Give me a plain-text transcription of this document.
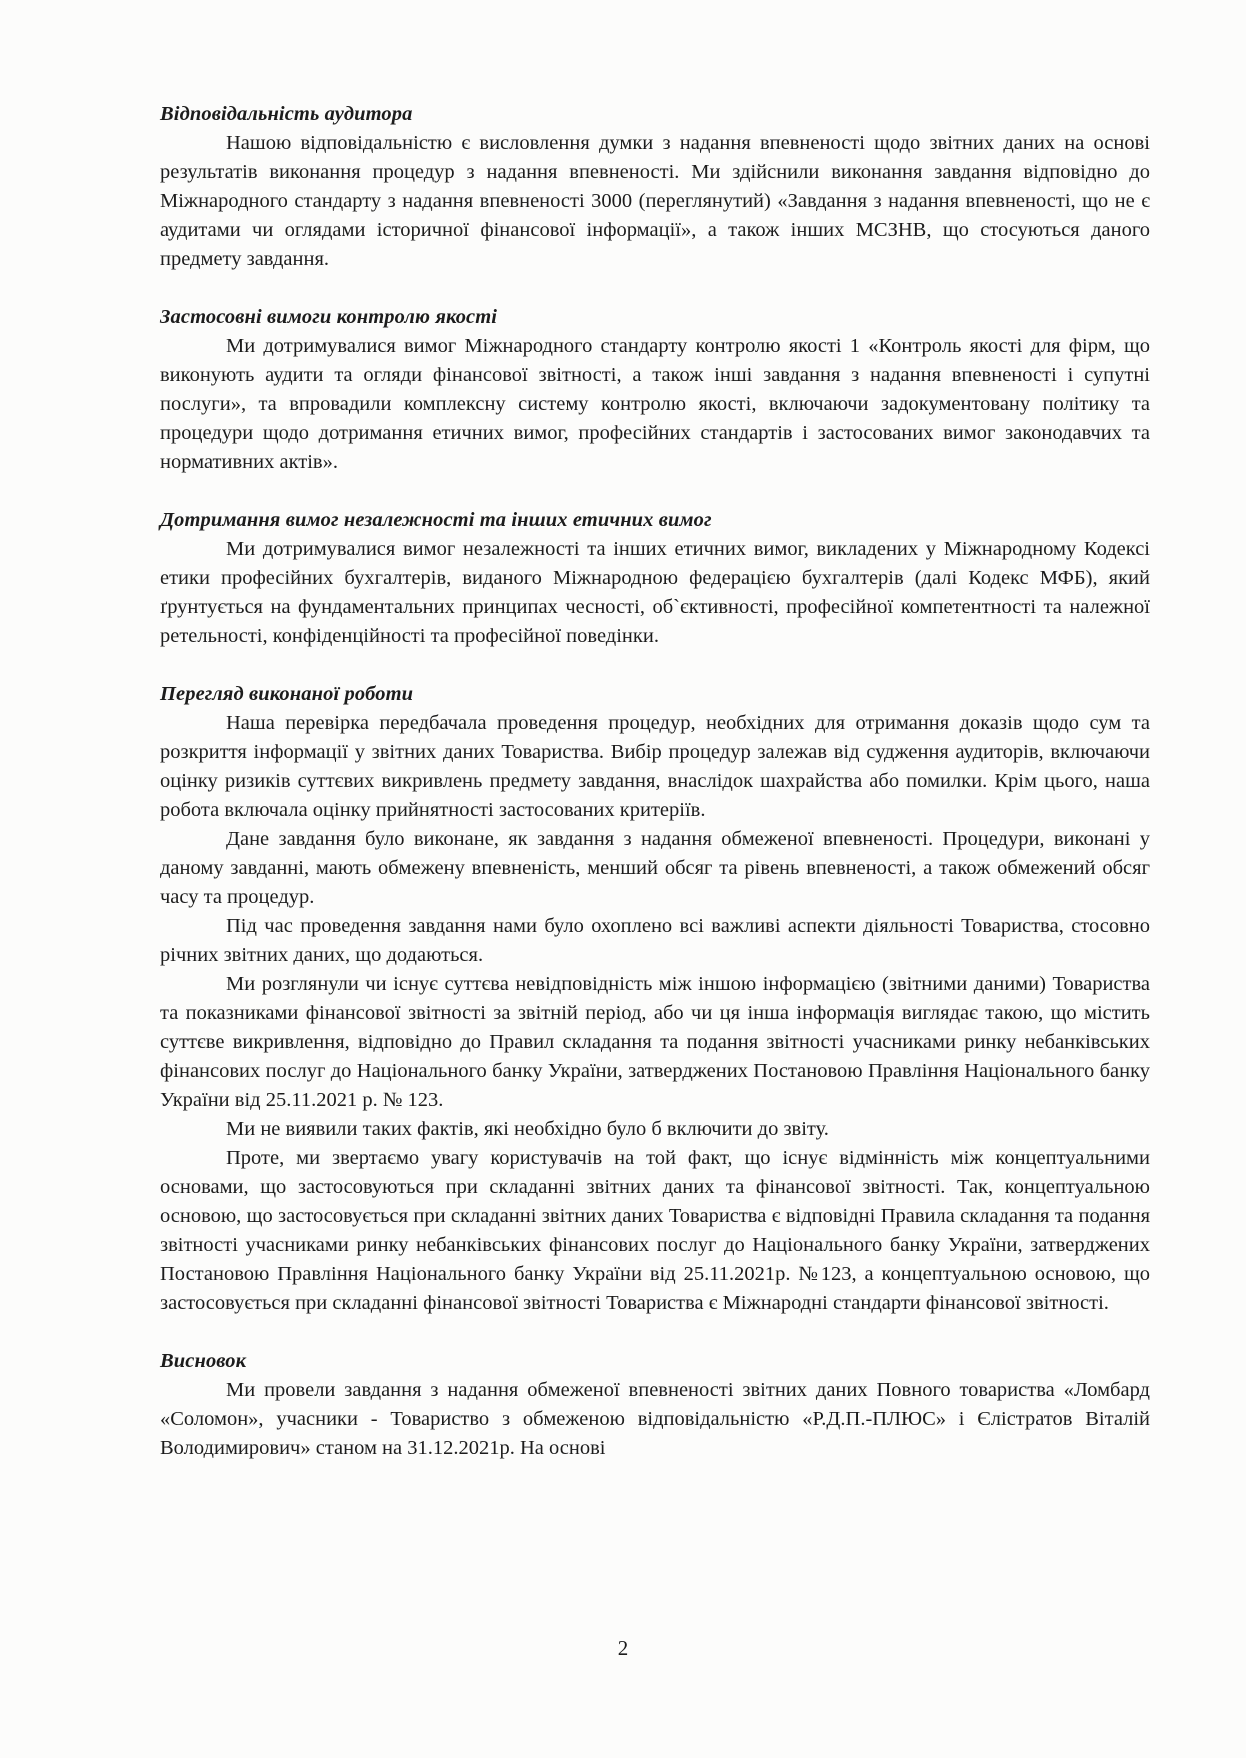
Відповідальність аудитора

Нашою відповідальністю є висловлення думки з надання впевненості щодо звітних даних на основі результатів виконання процедур з надання впевненості. Ми здійснили виконання завдання відповідно до Міжнародного стандарту з надання впевненості 3000 (переглянутий) «Завдання з надання впевненості, що не є аудитами чи оглядами історичної фінансової інформації», а також інших МСЗНВ, що стосуються даного предмету завдання.

Застосовні вимоги контролю якості

Ми дотримувалися вимог Міжнародного стандарту контролю якості 1 «Контроль якості для фірм, що виконують аудити та огляди фінансової звітності, а також інші завдання з надання впевненості і супутні послуги», та впровадили комплексну систему контролю якості, включаючи задокументовану політику та процедури щодо дотримання етичних вимог, професійних стандартів і застосованих вимог законодавчих та нормативних актів».

Дотримання вимог незалежності та інших етичних вимог

Ми дотримувалися вимог незалежності та інших етичних вимог, викладених у Міжнародному Кодексі етики професійних бухгалтерів, виданого Міжнародною федерацією бухгалтерів (далі Кодекс МФБ), який ґрунтується на фундаментальних принципах чесності, об`єктивності, професійної компетентності та належної ретельності, конфіденційності та професійної поведінки.

Перегляд виконаної роботи

Наша перевірка передбачала проведення процедур, необхідних для отримання доказів щодо сум та розкриття інформації у звітних даних Товариства. Вибір процедур залежав від судження аудиторів, включаючи оцінку ризиків суттєвих викривлень предмету завдання, внаслідок шахрайства або помилки. Крім цього, наша робота включала оцінку прийнятності застосованих критеріїв.

Дане завдання було виконане, як завдання з надання обмеженої впевненості. Процедури, виконані у даному завданні, мають обмежену впевненість, менший обсяг та рівень впевненості, а також обмежений обсяг часу та процедур.

Під час проведення завдання нами було охоплено всі важливі аспекти діяльності Товариства, стосовно річних звітних даних, що додаються.

Ми розглянули чи існує суттєва невідповідність між іншою інформацією (звітними даними) Товариства та показниками фінансової звітності за звітній період, або чи ця інша інформація виглядає такою, що містить суттєве викривлення, відповідно до Правил складання та подання звітності учасниками ринку небанківських фінансових послуг до Національного банку України, затверджених Постановою Правління Національного банку України від 25.11.2021 р. № 123.

Ми не виявили таких фактів, які необхідно було б включити до звіту.

Проте, ми звертаємо увагу користувачів на той факт, що існує відмінність між концептуальними основами, що застосовуються при складанні звітних даних та фінансової звітності. Так, концептуальною основою, що застосовується при складанні звітних даних Товариства є відповідні Правила складання та подання звітності учасниками ринку небанківських фінансових послуг до Національного банку України, затверджених Постановою Правління Національного банку України від 25.11.2021р. №123, а концептуальною основою, що застосовується при складанні фінансової звітності Товариства є Міжнародні стандарти фінансової звітності.

Висновок

Ми провели завдання з надання обмеженої впевненості звітних даних Повного товариства «Ломбард «Соломон», учасники - Товариство з обмеженою відповідальністю «Р.Д.П.-ПЛЮС» і Єлістратов Віталій Володимирович» станом на 31.12.2021р. На основі

2
